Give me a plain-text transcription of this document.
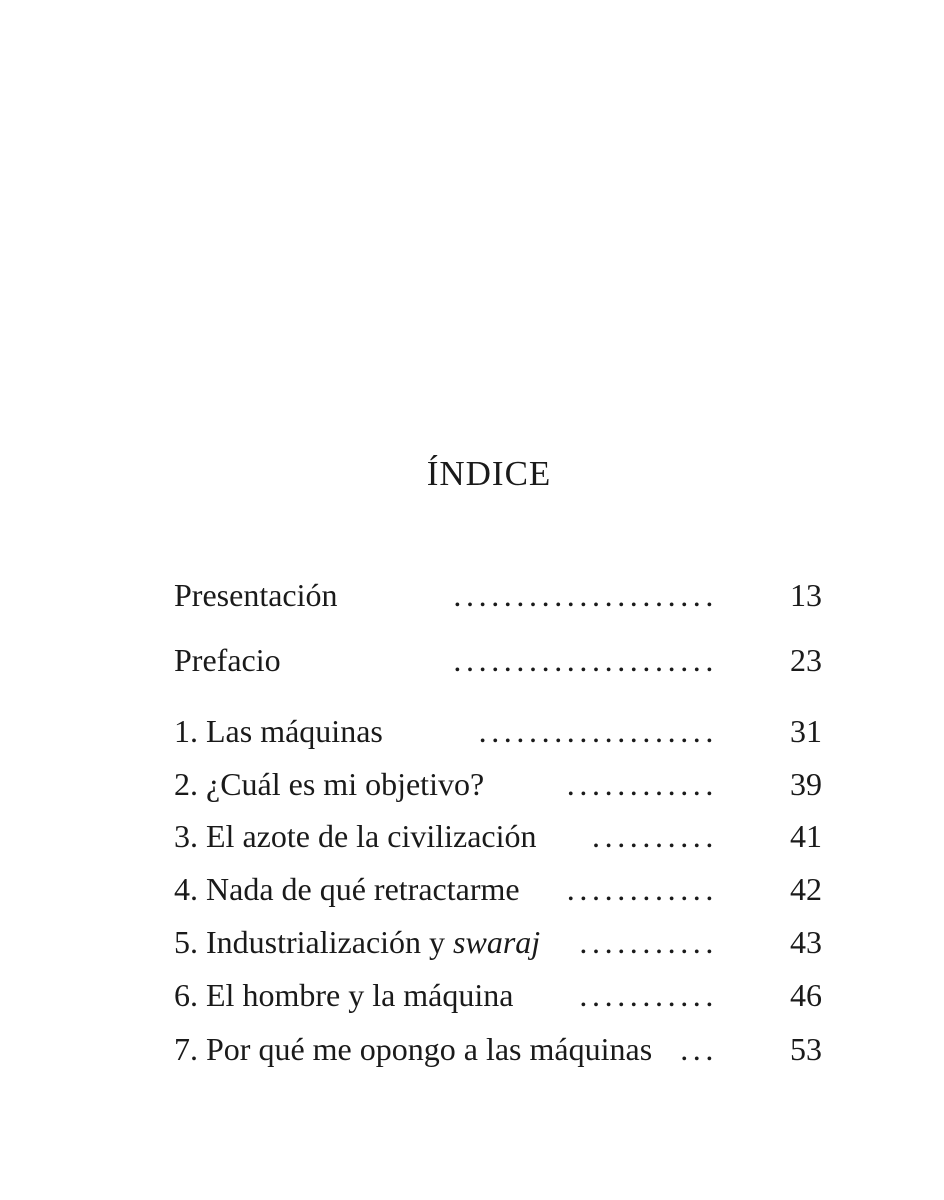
ÍNDICE
Presentación	..................... 13
Prefacio	..................... 23
1. Las máquinas	................... 31
2. ¿Cuál es mi objetivo?	............ 39
3. El azote de la civilización .......... 41
4. Nada de qué retractarme ............ 42
5. Industrialización y swaraj ........... 43
6. El hombre y la máquina ........... 46
7. Por qué me opongo a las máquinas ... 53
